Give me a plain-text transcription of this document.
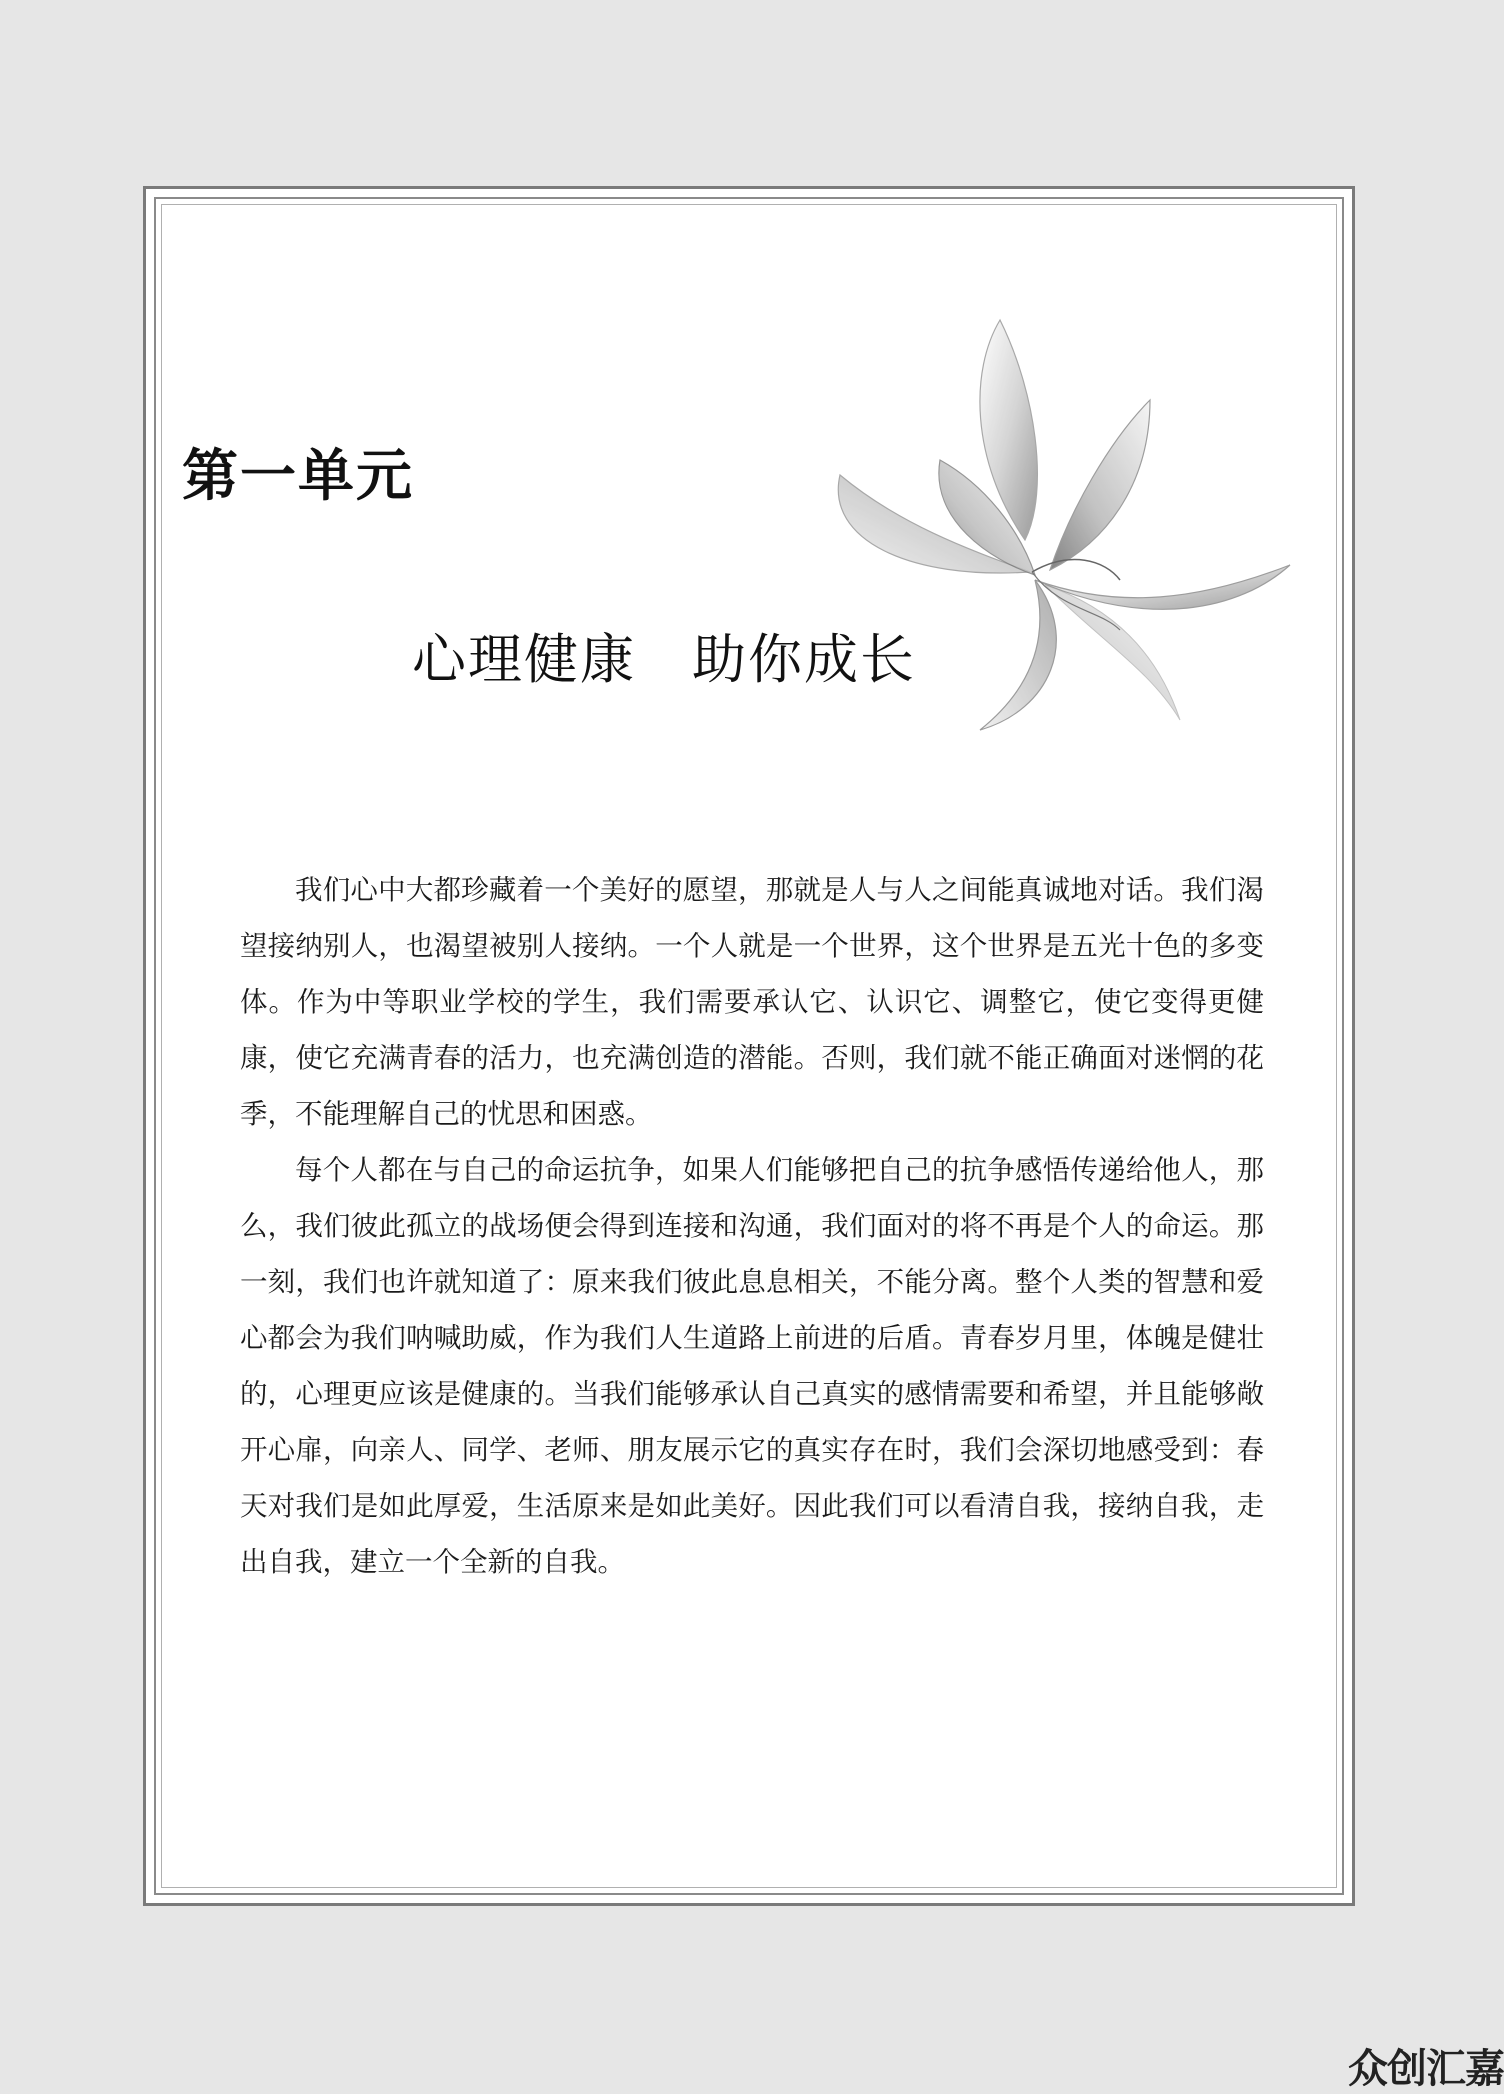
第一单元
心理健康　助你成长

我们心中大都珍藏着一个美好的愿望，那就是人与人之间能真诚地对话。我们渴望接纳别人，也渴望被别人接纳。一个人就是一个世界，这个世界是五光十色的多变体。作为中等职业学校的学生，我们需要承认它、认识它、调整它，使它变得更健康，使它充满青春的活力，也充满创造的潜能。否则，我们就不能正确面对迷惘的花季，不能理解自己的忧思和困惑。

每个人都在与自己的命运抗争，如果人们能够把自己的抗争感悟传递给他人，那么，我们彼此孤立的战场便会得到连接和沟通，我们面对的将不再是个人的命运。那一刻，我们也许就知道了：原来我们彼此息息相关，不能分离。整个人类的智慧和爱心都会为我们呐喊助威，作为我们人生道路上前进的后盾。青春岁月里，体魄是健壮的，心理更应该是健康的。当我们能够承认自己真实的感情需要和希望，并且能够敞开心扉，向亲人、同学、老师、朋友展示它的真实存在时，我们会深切地感受到：春天对我们是如此厚爱，生活原来是如此美好。因此我们可以看清自我，接纳自我，走出自我，建立一个全新的自我。

众创汇嘉
